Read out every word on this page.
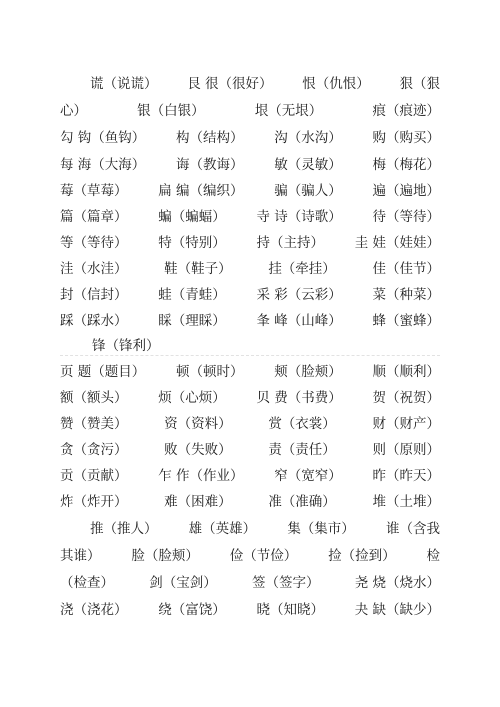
谎（说谎） 艮 很（很好） 恨（仇恨） 狠（狠
心）	银（白银）	垠（无垠）	痕（痕迹）
勾 钩（鱼钩） 构（结构） 沟（水沟） 购（购买）
每 海（大海） 诲（教诲） 敏（灵敏） 梅（梅花）
莓（草莓） 扁 编（编织） 骗（骗人） 遍（遍地）
篇（篇章） 蝙（蝙蝠） 寺 诗（诗歌） 待（等待）
等（等待） 特（特别） 持（主持） 圭 娃（娃娃）
洼（水洼）	鞋（鞋子）	挂（牵挂）	佳（佳节）
封（信封） 蛙（青蛙） 采 彩（云彩） 菜（种菜）
踩（踩水） 睬（理睬） 夆 峰（山峰） 蜂（蜜蜂）
锋（锋利）
页 题（题目） 顿（顿时） 颊（脸颊） 顺（顺利）
额（额头） 烦（心烦） 贝 费（书费） 贺（祝贺）
赞（赞美）	资（资料）	赏（衣裳）	财（财产）
贪（贪污）	败（失败）	责（责任）	则（原则）
贡（贡献） 乍 作（作业） 窄（宽窄） 昨（昨天）
炸（炸开）	难（困难）	准（准确）	堆（土堆）
推（推人） 雄（英雄） 集（集市） 谁（含我
其谁） 脸（脸颊） 俭（节俭） 捡（捡到） 检
（检查）	剑（宝剑）	签（签字）	尧 烧（烧水）
浇（浇花） 绕（富饶） 晓（知晓） 夬 缺（缺少）
